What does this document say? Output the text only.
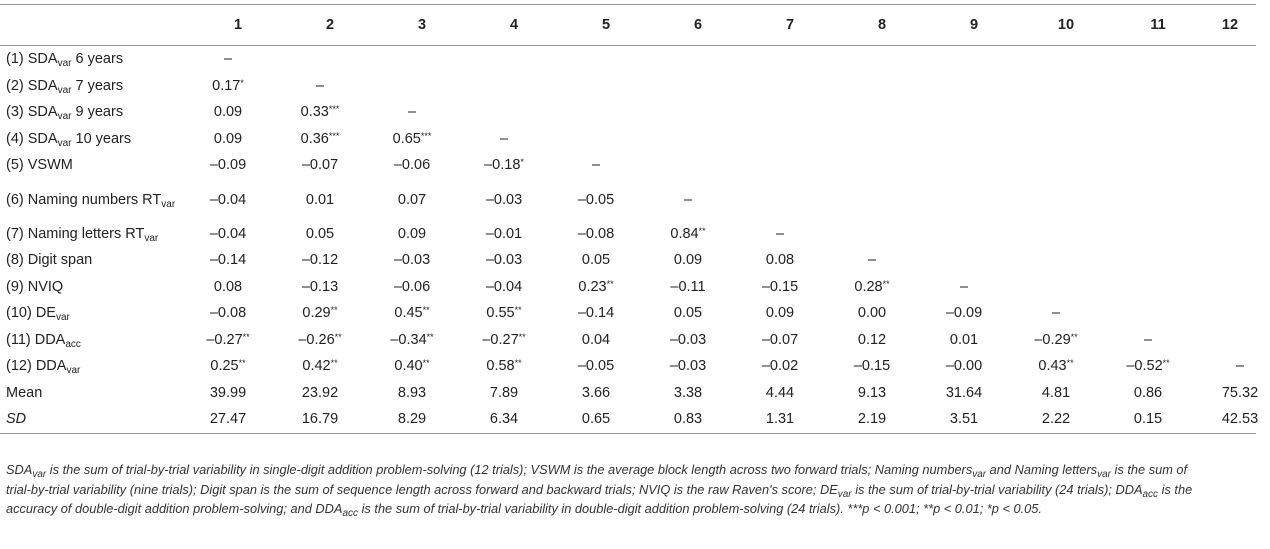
	1	2	3	4	5	6	7	8	9	10	11	12
(1) $SDA_{var}$ 6 years	–											
(2) $SDA_{var}$ 7 years	0.17*	–										
(3) $SDA_{var}$ 9 years	0.09	0.33***	–									
(4) $SDA_{var}$ 10 years	0.09	0.36***	0.65***	–								
(5) VSWM	–0.09	–0.07	–0.06	–0.18*	–							
(6) Naming numbers $RT_{var}$	–0.04	0.01	0.07	–0.03	–0.05	–						
(7) Naming letters $RT_{var}$	–0.04	0.05	0.09	–0.01	–0.08	0.84**	–					
(8) Digit span	–0.14	–0.12	–0.03	–0.03	0.05	0.09	0.08	–				
(9) NVIQ	0.08	–0.13	–0.06	–0.04	0.23**	–0.11	–0.15	0.28**	–			
(10) $DE_{var}$	–0.08	0.29**	0.45**	0.55**	–0.14	0.05	0.09	0.00	–0.09	–		
(11) $DDA_{acc}$	–0.27**	–0.26**	–0.34**	–0.27**	0.04	–0.03	–0.07	0.12	0.01	–0.29**	–	
(12) $DDA_{var}$	0.25**	0.42**	0.40**	0.58**	–0.05	–0.03	–0.02	–0.15	–0.00	0.43**	–0.52**	–
Mean	39.99	23.92	8.93	7.89	3.66	3.38	4.44	9.13	31.64	4.81	0.86	75.32
SD	27.47	16.79	8.29	6.34	0.65	0.83	1.31	2.19	3.51	2.22	0.15	42.53
$SDA_{var}$ is the sum of trial-by-trial variability in single-digit addition problem-solving (12 trials); VSWM is the average block length across two forward trials; Naming numbers$_{var}$ and Naming letters$_{var}$ is the sum of trial-by-trial variability (nine trials); Digit span is the sum of sequence length across forward and backward trials; NVIQ is the raw Raven's score; $DE_{var}$ is the sum of trial-by-trial variability (24 trials); $DDA_{acc}$ is the accuracy of double-digit addition problem-solving; and $DDA_{acc}$ is the sum of trial-by-trial variability in double-digit addition problem-solving (24 trials). ***p < 0.001; **p < 0.01; *p < 0.05.
